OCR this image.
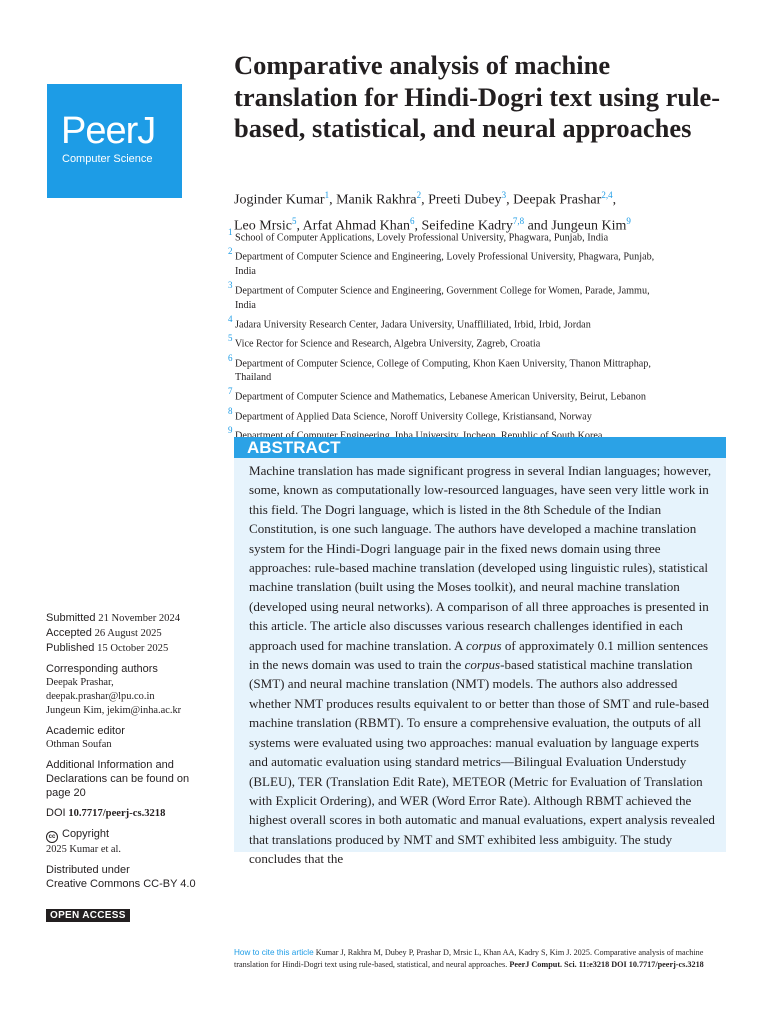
PeerJ
Computer Science
Comparative analysis of machine translation for Hindi-Dogri text using rule-based, statistical, and neural approaches
Joginder Kumar$^1$, Manik Rakhra$^2$, Preeti Dubey$^3$, Deepak Prashar$^{2,4}$,
Leo Mrsic$^5$, Arfat Ahmad Khan$^6$, Seifedine Kadry$^{7,8}$ and Jungeun Kim$^9$
$^1$ School of Computer Applications, Lovely Professional University, Phagwara, Punjab, India
$^2$ Department of Computer Science and Engineering, Lovely Professional University, Phagwara, Punjab, India
$^3$ Department of Computer Science and Engineering, Government College for Women, Parade, Jammu, India
$^4$ Jadara University Research Center, Jadara University, Unaffliliated, Irbid, Irbid, Jordan
$^5$ Vice Rector for Science and Research, Algebra University, Zagreb, Croatia
$^6$ Department of Computer Science, College of Computing, Khon Kaen University, Thanon Mittraphap, Thailand
$^7$ Department of Computer Science and Mathematics, Lebanese American University, Beirut, Lebanon
$^8$ Department of Applied Data Science, Noroff University College, Kristiansand, Norway
$^9$
ABSTRACT
Machine translation has made significant progress in several Indian languages; however, some, known as computationally low-resourced languages, have seen very little work in this field. The Dogri language, which is listed in the 8th Schedule of the Indian Constitution, is one such language. The authors have developed a machine translation system for the Hindi-Dogri language pair in the fixed news domain using three approaches: rule-based machine translation (developed using linguistic rules), statistical machine translation (built using the Moses toolkit), and neural machine translation (developed using neural networks). A comparison of all three approaches is presented in this article. The article also discusses various research challenges identified in each approach used for machine translation. A corpus of approximately 0.1 million sentences in the news domain was used to train the corpus-based statistical machine translation (SMT) and neural machine translation (NMT) models. The authors also addressed whether NMT produces results equivalent to or better than those of SMT and rule-based machine translation (RBMT). To ensure a comprehensive evaluation, the outputs of all systems were evaluated using two approaches: manual evaluation by language experts and automatic evaluation using standard metrics—Bilingual Evaluation Understudy (BLEU), TER (Translation Edit Rate), METEOR (Metric for Evaluation of Translation with Explicit Ordering), and WER (Word Error Rate). Although RBMT achieved the highest overall scores in both automatic and manual evaluations, expert analysis revealed that translations produced by NMT and SMT exhibited less ambiguity. The study concludes that the
Submitted 21 November 2024
Accepted 26 August 2025
Published 15 October 2025
Corresponding authors
Deepak Prashar,
deepak.prashar@lpu.co.in
Jungeun Kim, jekim@inha.ac.kr
Academic editor
Othman Soufan
Additional Information and
Declarations can be found on
page 20
DOI 10.7717/peerj-cs.3218
cc Copyright
2025 Kumar et al.
Distributed under
Creative Commons CC-BY 4.0
OPEN ACCESS
How to cite this article Kumar J, Rakhra M, Dubey P, Prashar D, Mrsic L, Khan AA, Kadry S, Kim J. 2025. Comparative analysis of machine translation for Hindi-Dogri text using rule-based, statistical, and neural approaches. PeerJ Comput. Sci. 11:e3218 DOI 10.7717/peerj-cs.3218
